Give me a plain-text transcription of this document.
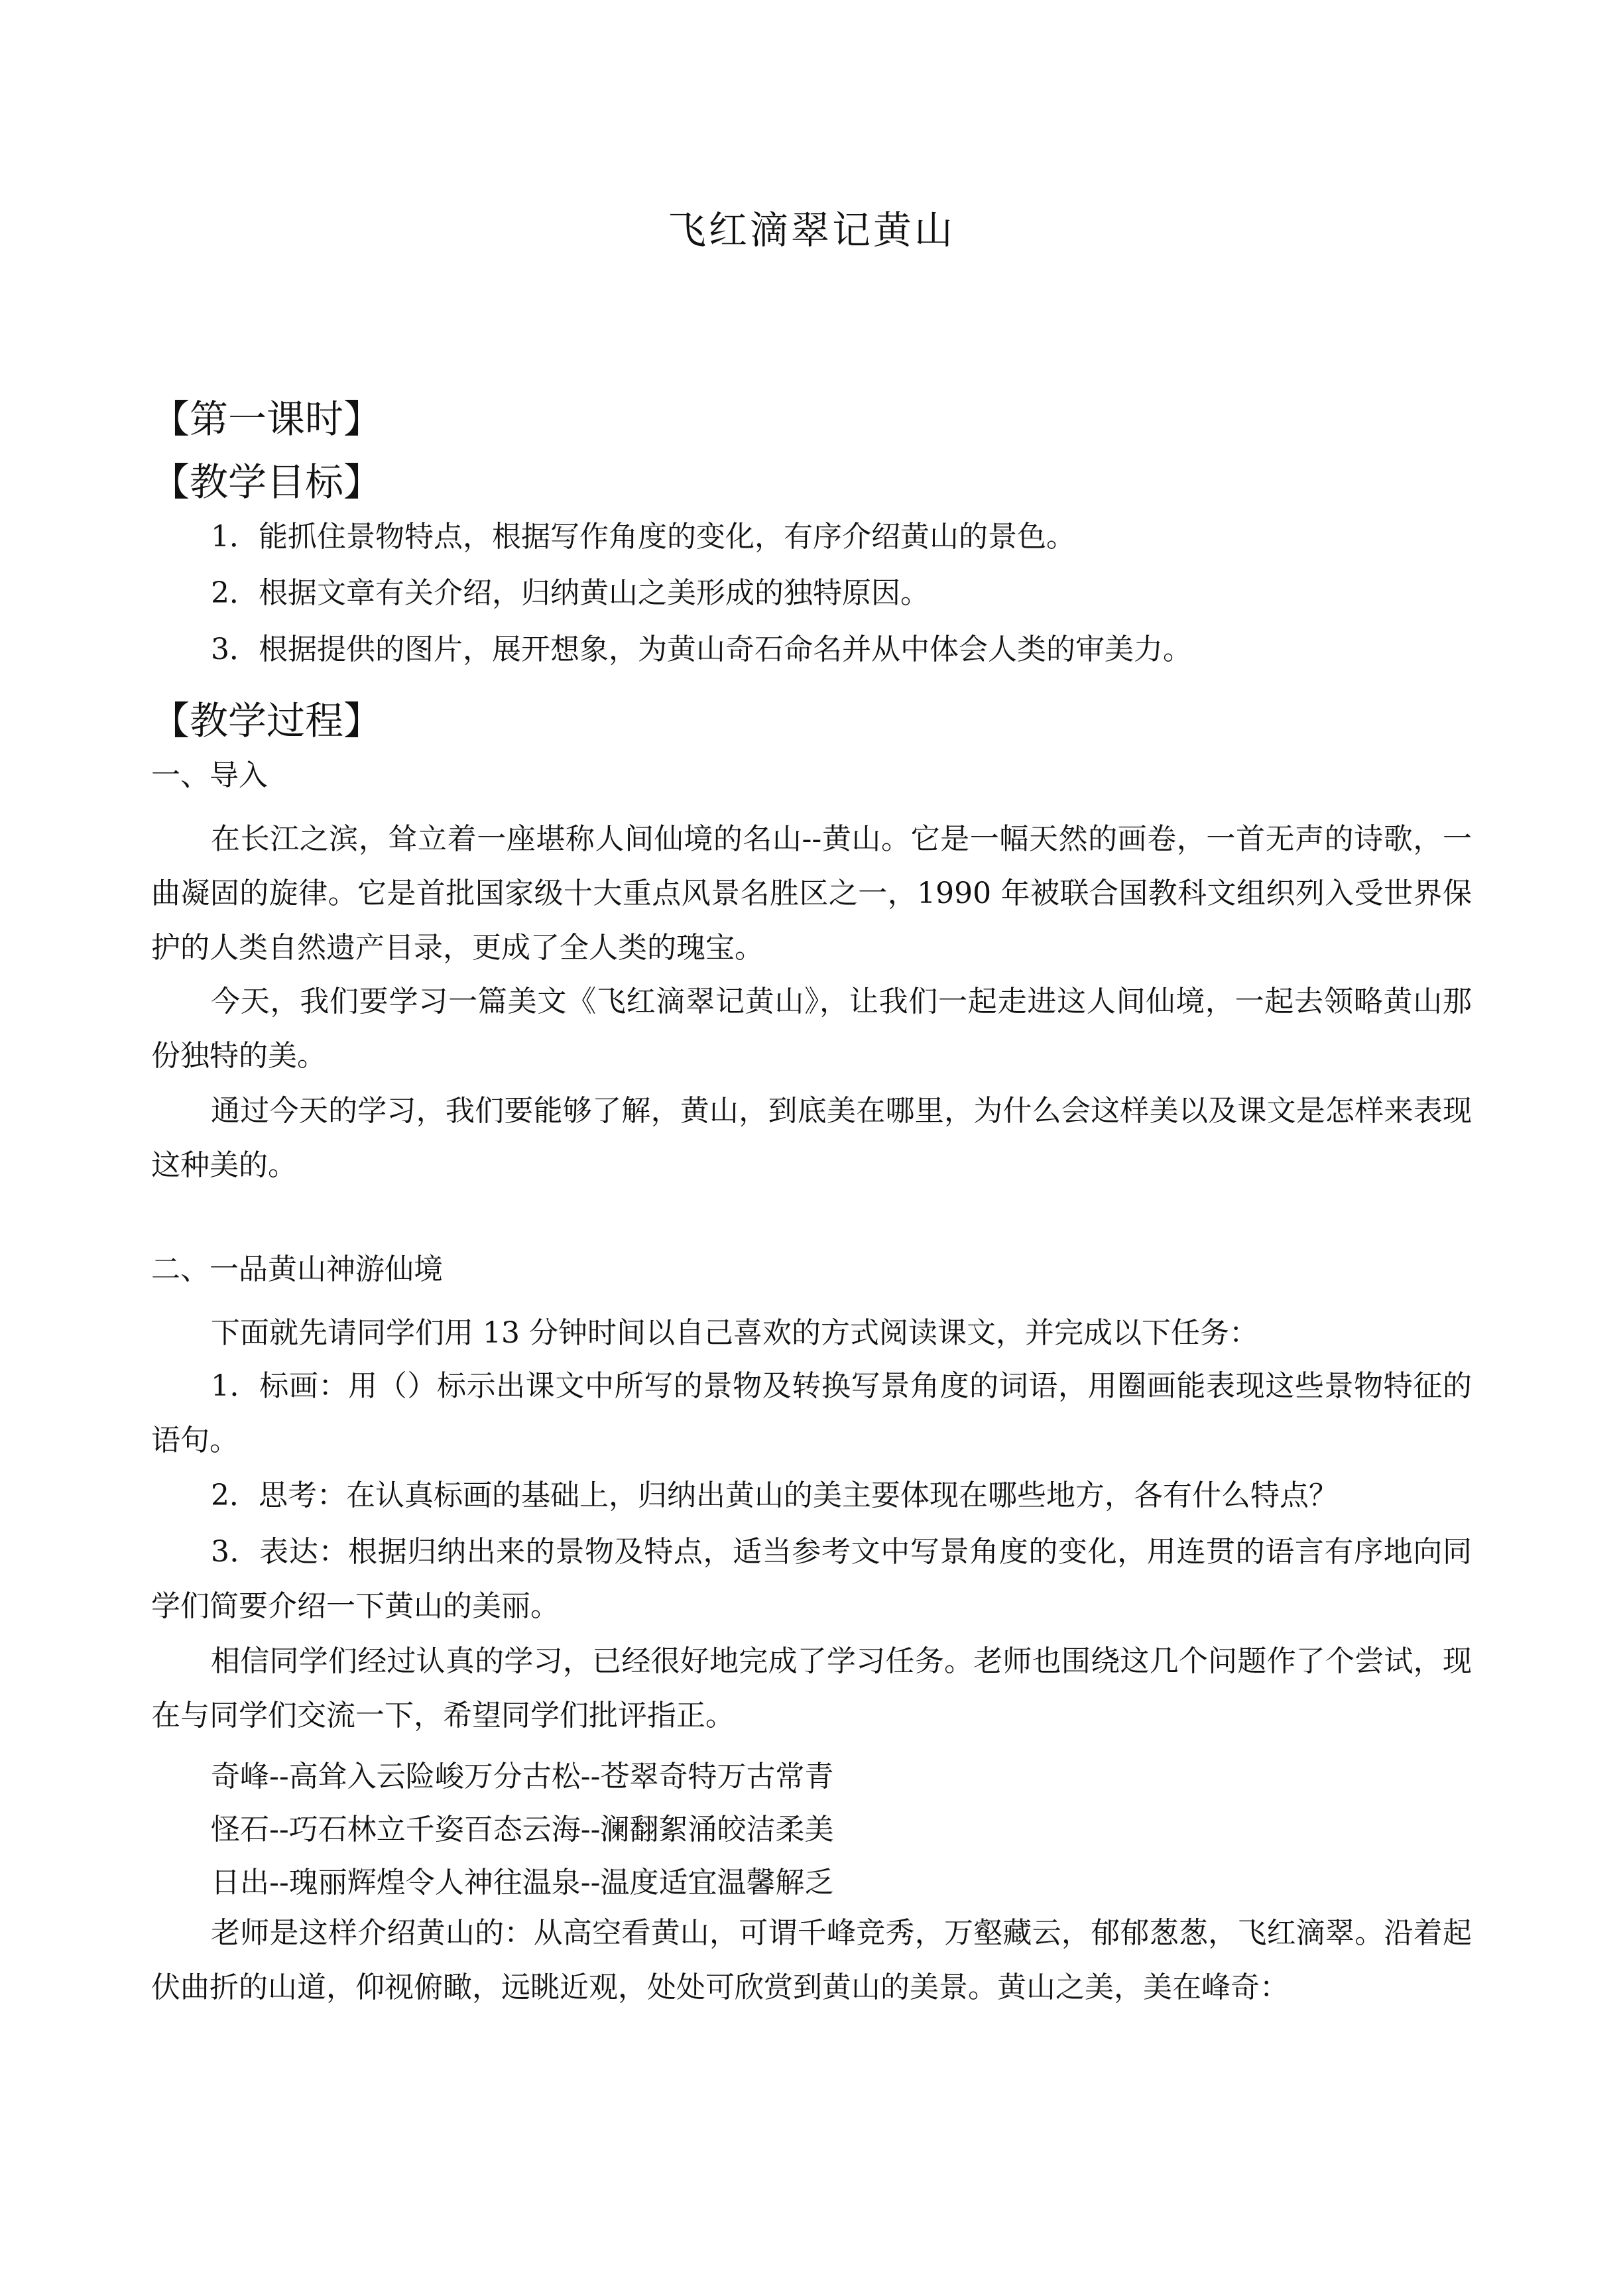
飞红滴翠记黄山
【第一课时】
【教学目标】
1．能抓住景物特点，根据写作角度的变化，有序介绍黄山的景色。
2．根据文章有关介绍，归纳黄山之美形成的独特原因。
3．根据提供的图片，展开想象，为黄山奇石命名并从中体会人类的审美力。
【教学过程】
一、导入
在长江之滨，耸立着一座堪称人间仙境的名山--黄山。它是一幅天然的画卷，一首无声的诗歌，一曲凝固的旋律。它是首批国家级十大重点风景名胜区之一，1990 年被联合国教科文组织列入受世界保护的人类自然遗产目录，更成了全人类的瑰宝。
今天，我们要学习一篇美文《飞红滴翠记黄山》，让我们一起走进这人间仙境，一起去领略黄山那份独特的美。
通过今天的学习，我们要能够了解，黄山，到底美在哪里，为什么会这样美以及课文是怎样来表现这种美的。
二、一品黄山神游仙境
下面就先请同学们用 13 分钟时间以自己喜欢的方式阅读课文，并完成以下任务：
1．标画：用（）标示出课文中所写的景物及转换写景角度的词语，用圈画能表现这些景物特征的语句。
2．思考：在认真标画的基础上，归纳出黄山的美主要体现在哪些地方，各有什么特点？
3．表达：根据归纳出来的景物及特点，适当参考文中写景角度的变化，用连贯的语言有序地向同学们简要介绍一下黄山的美丽。
相信同学们经过认真的学习，已经很好地完成了学习任务。老师也围绕这几个问题作了个尝试，现在与同学们交流一下，希望同学们批评指正。
奇峰--高耸入云险峻万分古松--苍翠奇特万古常青
怪石--巧石林立千姿百态云海--澜翻絮涌皎洁柔美
日出--瑰丽辉煌令人神往温泉--温度适宜温馨解乏
老师是这样介绍黄山的：从高空看黄山，可谓千峰竞秀，万壑藏云，郁郁葱葱，飞红滴翠。沿着起伏曲折的山道，仰视俯瞰，远眺近观，处处可欣赏到黄山的美景。黄山之美，美在峰奇：
